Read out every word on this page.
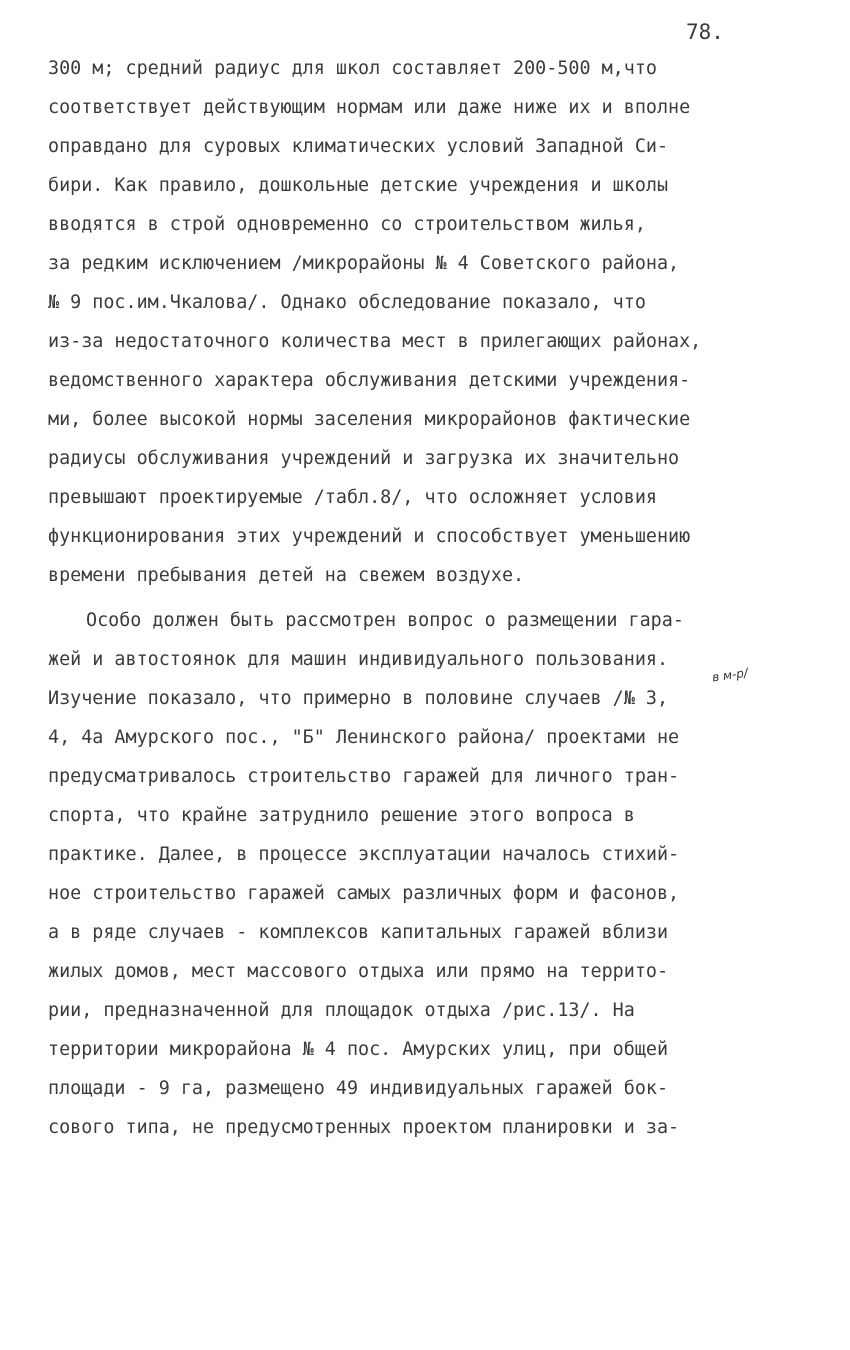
78.
в м-р/
300 м; средний радиус для школ составляет 200-500 м,что
соответствует действующим нормам или даже ниже их и вполне
оправдано для суровых климатических условий Западной Си-
бири. Как правило, дошкольные детские учреждения и школы
вводятся в строй одновременно со строительством жилья,
за редким исключением /микрорайоны № 4 Советского района,
№ 9 пос.им.Чкалова/. Однако обследование показало, что
из-за недостаточного количества мест в прилегающих районах,
ведомственного характера обслуживания детскими учреждения-
ми, более высокой нормы заселения микрорайонов фактические
радиусы обслуживания учреждений и загрузка их значительно
превышают проектируемые /табл.8/, что осложняет условия
функционирования этих учреждений и способствует уменьшению
времени пребывания детей на свежем воздухе.
Особо должен быть рассмотрен вопрос о размещении гара-
жей и автостоянок для машин индивидуального пользования.
Изучение показало, что примерно в половине случаев /№ 3,
4, 4а Амурского пос., "Б" Ленинского района/ проектами не
предусматривалось строительство гаражей для личного тран-
спорта, что крайне затруднило решение этого вопроса в
практике. Далее, в процессе эксплуатации началось стихий-
ное строительство гаражей самых различных форм и фасонов,
а в ряде случаев - комплексов капитальных гаражей вблизи
жилых домов, мест массового отдыха или прямо на террито-
рии, предназначенной для площадок отдыха /рис.13/. На
территории микрорайона № 4 пос. Амурских улиц, при общей
площади - 9 га, размещено 49 индивидуальных гаражей бок-
сового типа, не предусмотренных проектом планировки и за-
